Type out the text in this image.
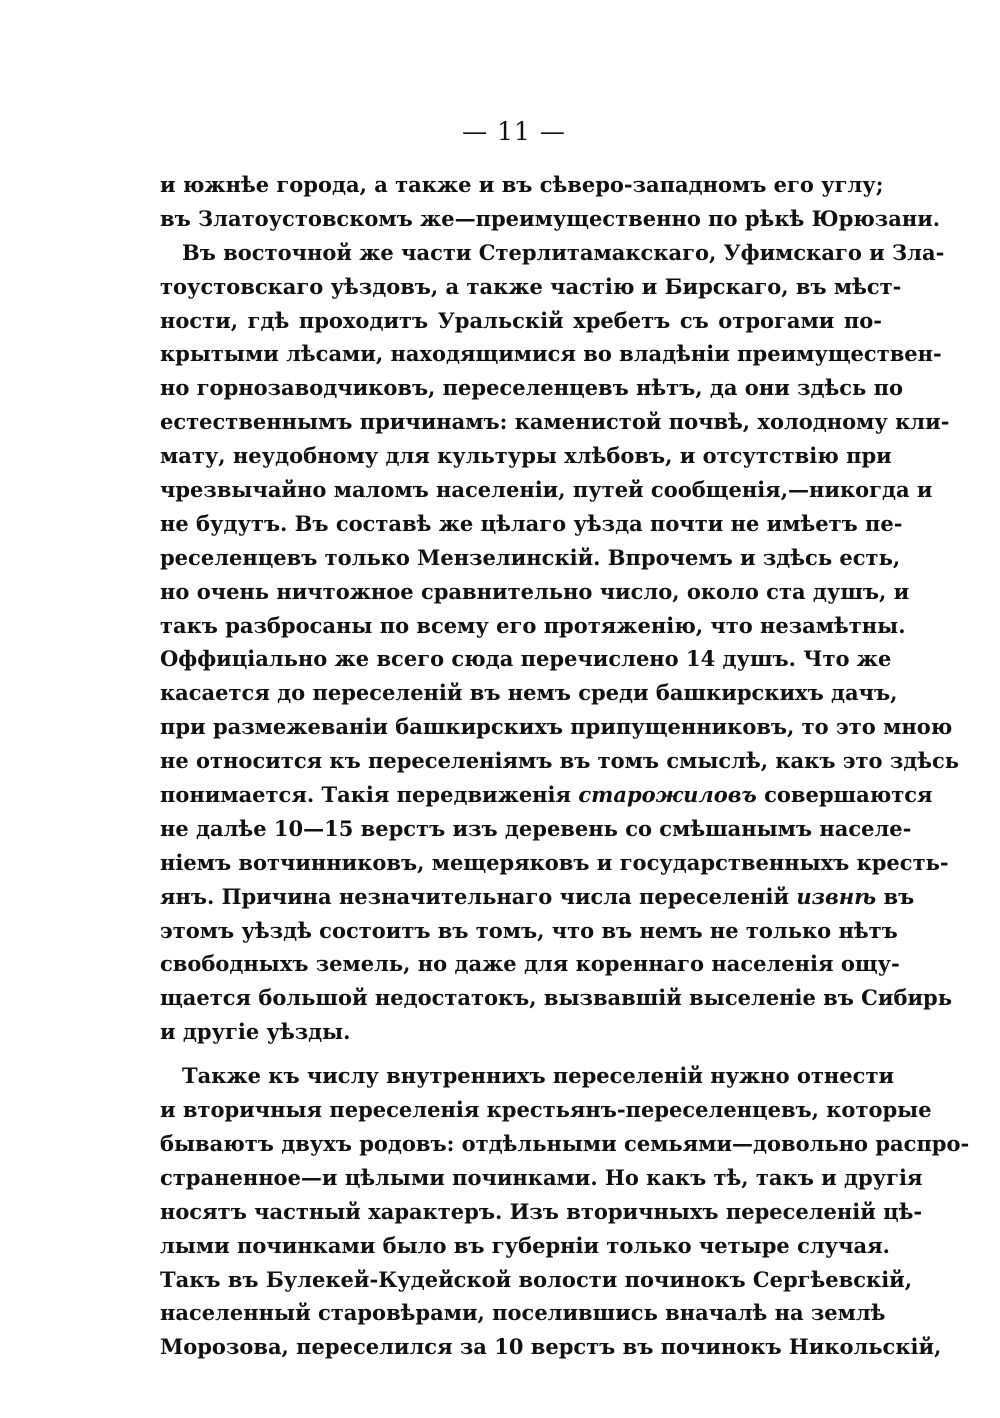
— 11 —
и южнѣе города, а также и въ сѣверо-западномъ его углу;
въ Златоустовскомъ же—преимущественно по рѣкѣ Юрюзани.
Въ восточной же части Стерлитамакскаго, Уфимскаго и Зла-
тоустовскаго уѣздовъ, а также частію и Бирскаго, въ мѣст-
ности, гдѣ проходитъ Уральскій хребетъ съ отрогами по-
крытыми лѣсами, находящимися во владѣніи преимуществен-
но горнозаводчиковъ, переселенцевъ нѣтъ, да они здѣсь по
естественнымъ причинамъ: каменистой почвѣ, холодному кли-
мату, неудобному для культуры хлѣбовъ, и отсутствію при
чрезвычайно маломъ населеніи, путей сообщенія,—никогда и
не будутъ. Въ составѣ же цѣлаго уѣзда почти не имѣетъ пе-
реселенцевъ только Мензелинскій. Впрочемъ и здѣсь есть,
но очень ничтожное сравнительно число, около ста душъ, и
такъ разбросаны по всему его протяженію, что незамѣтны.
Оффиціально же всего сюда перечислено 14 душъ. Что же
касается до переселеній въ немъ среди башкирскихъ дачъ,
при размежеваніи башкирскихъ припущенниковъ, то это мною
не относится къ переселеніямъ въ томъ смыслѣ, какъ это здѣсь
понимается. Такія передвиженія старожиловъ совершаются
не далѣе 10—15 верстъ изъ деревень со смѣшанымъ населе-
ніемъ вотчинниковъ, мещеряковъ и государственныхъ кресть-
янъ. Причина незначительнаго числа переселеній извнѣ въ
этомъ уѣздѣ состоитъ въ томъ, что въ немъ не только нѣтъ
свободныхъ земель, но даже для кореннаго населенія ощу-
щается большой недостатокъ, вызвавшій выселеніе въ Сибирь
и другіе уѣзды.
Также къ числу внутреннихъ переселеній нужно отнести
и вторичныя переселенія крестьянъ-переселенцевъ, которые
бываютъ двухъ родовъ: отдѣльными семьями—довольно распро-
страненное—и цѣлыми починками. Но какъ тѣ, такъ и другія
носятъ частный характеръ. Изъ вторичныхъ переселеній цѣ-
лыми починками было въ губерніи только четыре случая.
Такъ въ Булекей-Кудейской волости починокъ Сергѣевскій,
населенный старовѣрами, поселившись вначалѣ на землѣ
Морозова, переселился за 10 верстъ въ починокъ Никольскій,
